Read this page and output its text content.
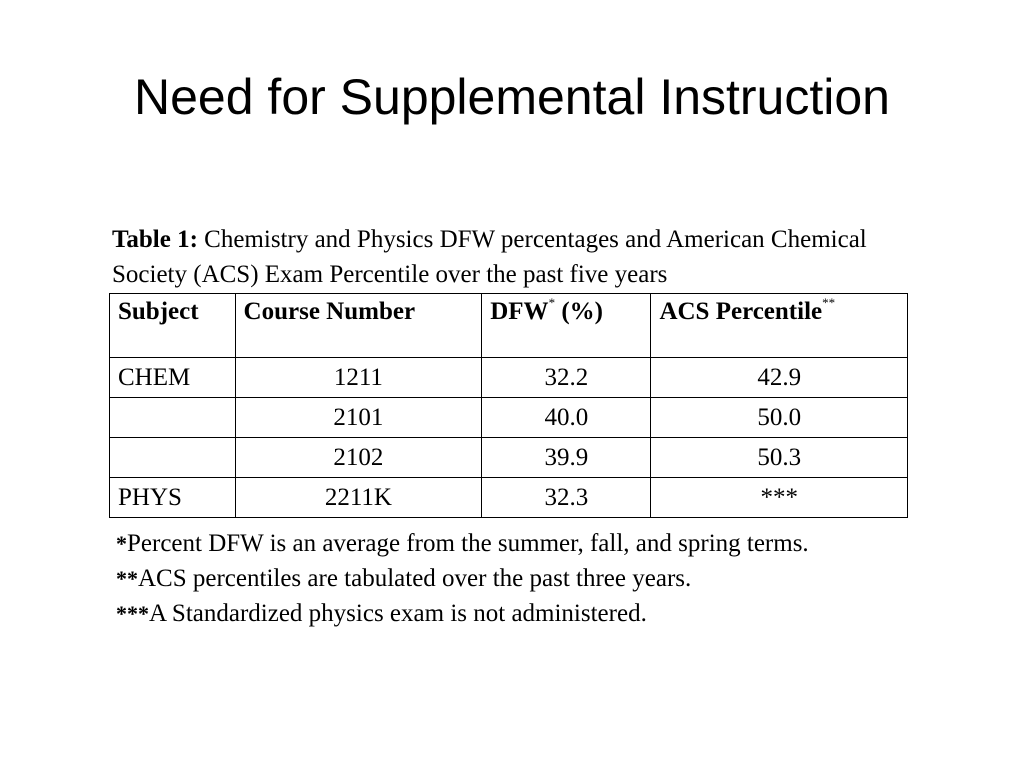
Need for Supplemental Instruction
Table 1: Chemistry and Physics DFW percentages and American Chemical Society (ACS) Exam Percentile over the past five years
Subject	Course Number	DFW* (%)	ACS Percentile**
CHEM	1211	32.2	42.9
	2101	40.0	50.0
	2102	39.9	50.3
PHYS	2211K	32.3	***
*Percent DFW is an average from the summer, fall, and spring terms.
**ACS percentiles are tabulated over the past three years.
***A Standardized physics exam is not administered.
